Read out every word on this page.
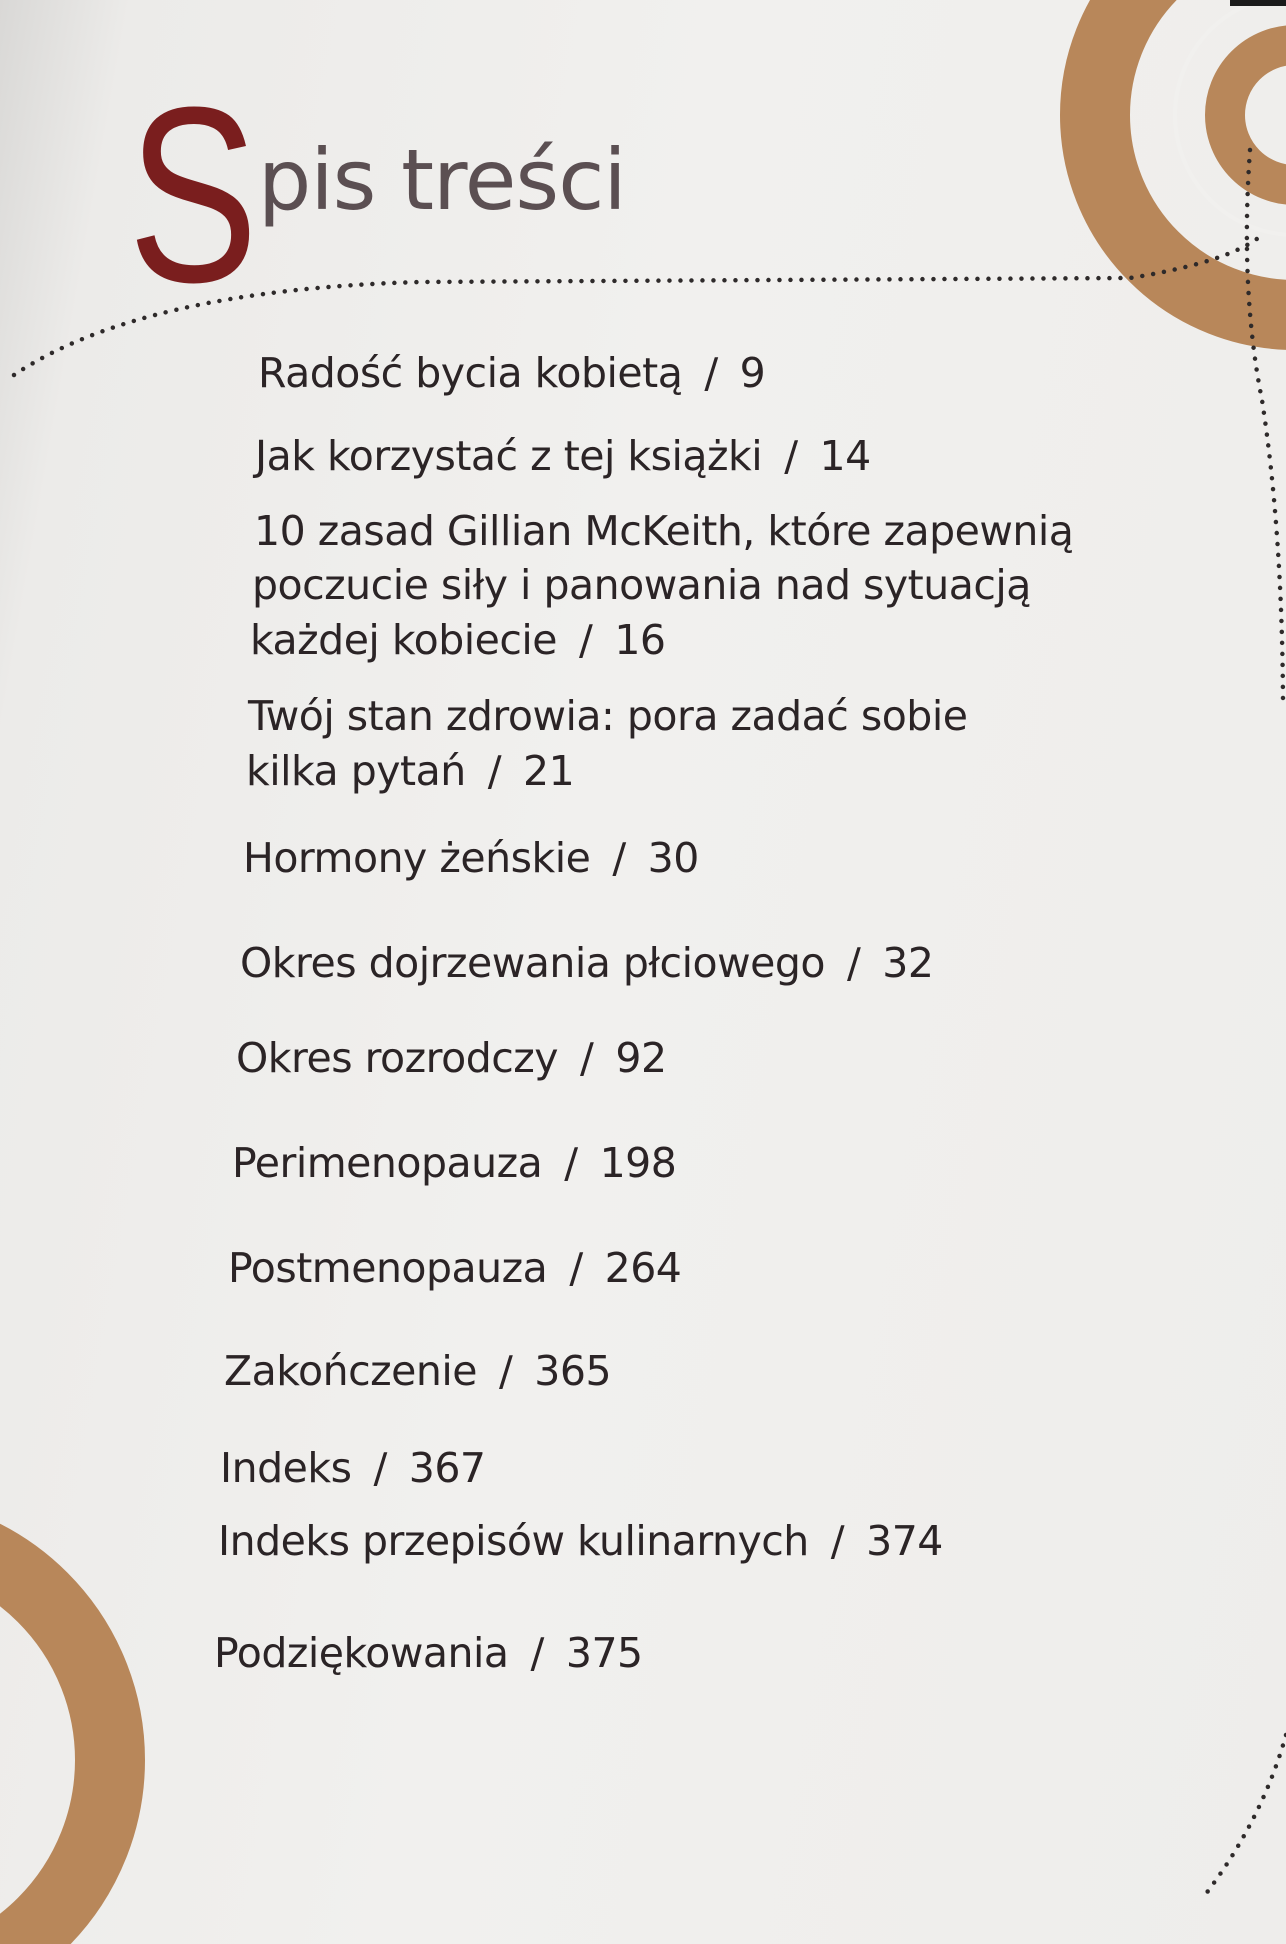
S pis treści
Radość bycia kobietą / 9
Jak korzystać z tej książki / 14
10 zasad Gillian McKeith, które zapewnią
poczucie siły i panowania nad sytuacją
każdej kobiecie / 16
Twój stan zdrowia: pora zadać sobie
kilka pytań / 21
Hormony żeńskie / 30
Okres dojrzewania płciowego / 32
Okres rozrodczy / 92
Perimenopauza / 198
Postmenopauza / 264
Zakończenie / 365
Indeks / 367
Indeks przepisów kulinarnych / 374
Podziękowania / 375
